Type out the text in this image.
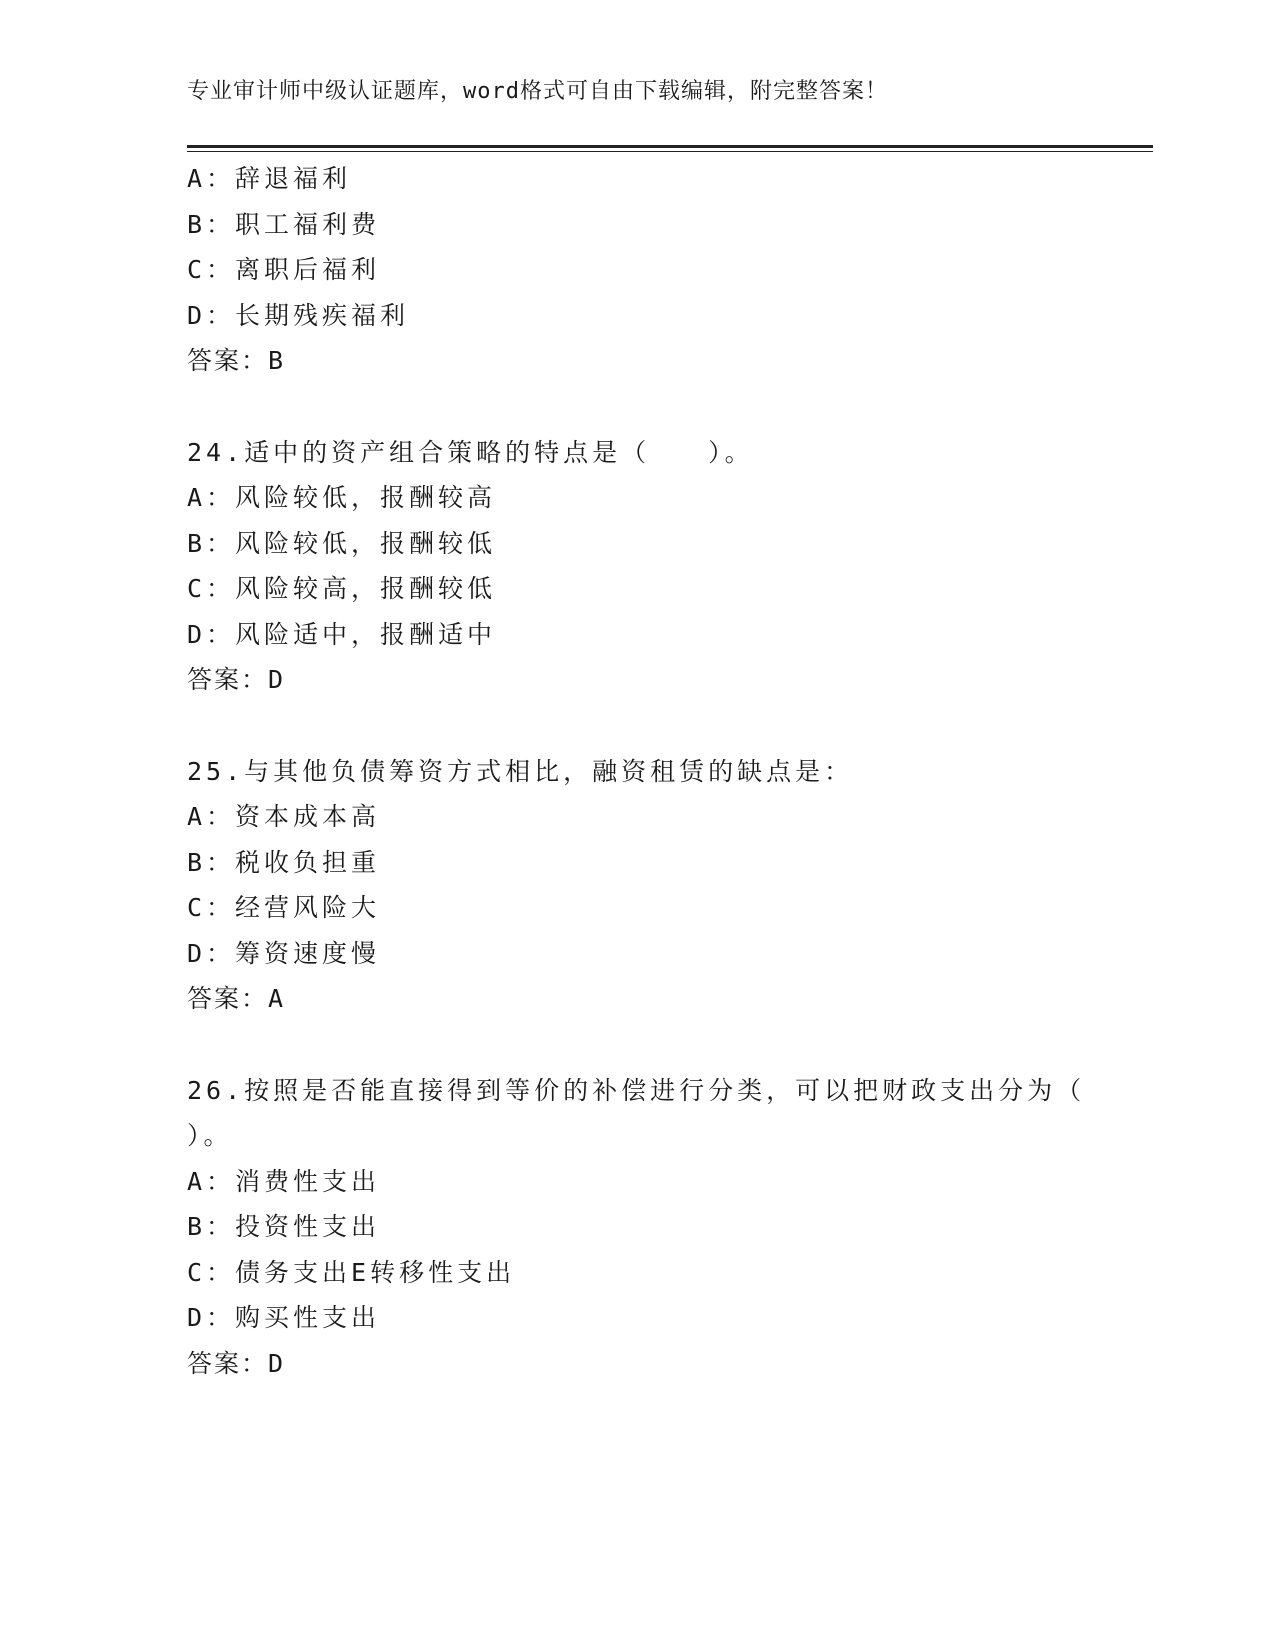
专业审计师中级认证题库，word格式可自由下载编辑，附完整答案！
A：辞退福利
B：职工福利费
C：离职后福利
D：长期残疾福利
答案：B
24.适中的资产组合策略的特点是（　　）。
A：风险较低，报酬较高
B：风险较低，报酬较低
C：风险较高，报酬较低
D：风险适中，报酬适中
答案：D
25.与其他负债筹资方式相比，融资租赁的缺点是：
A：资本成本高
B：税收负担重
C：经营风险大
D：筹资速度慢
答案：A
26.按照是否能直接得到等价的补偿进行分类，可以把财政支出分为（
）。
A：消费性支出
B：投资性支出
C：债务支出E转移性支出
D：购买性支出
答案：D
